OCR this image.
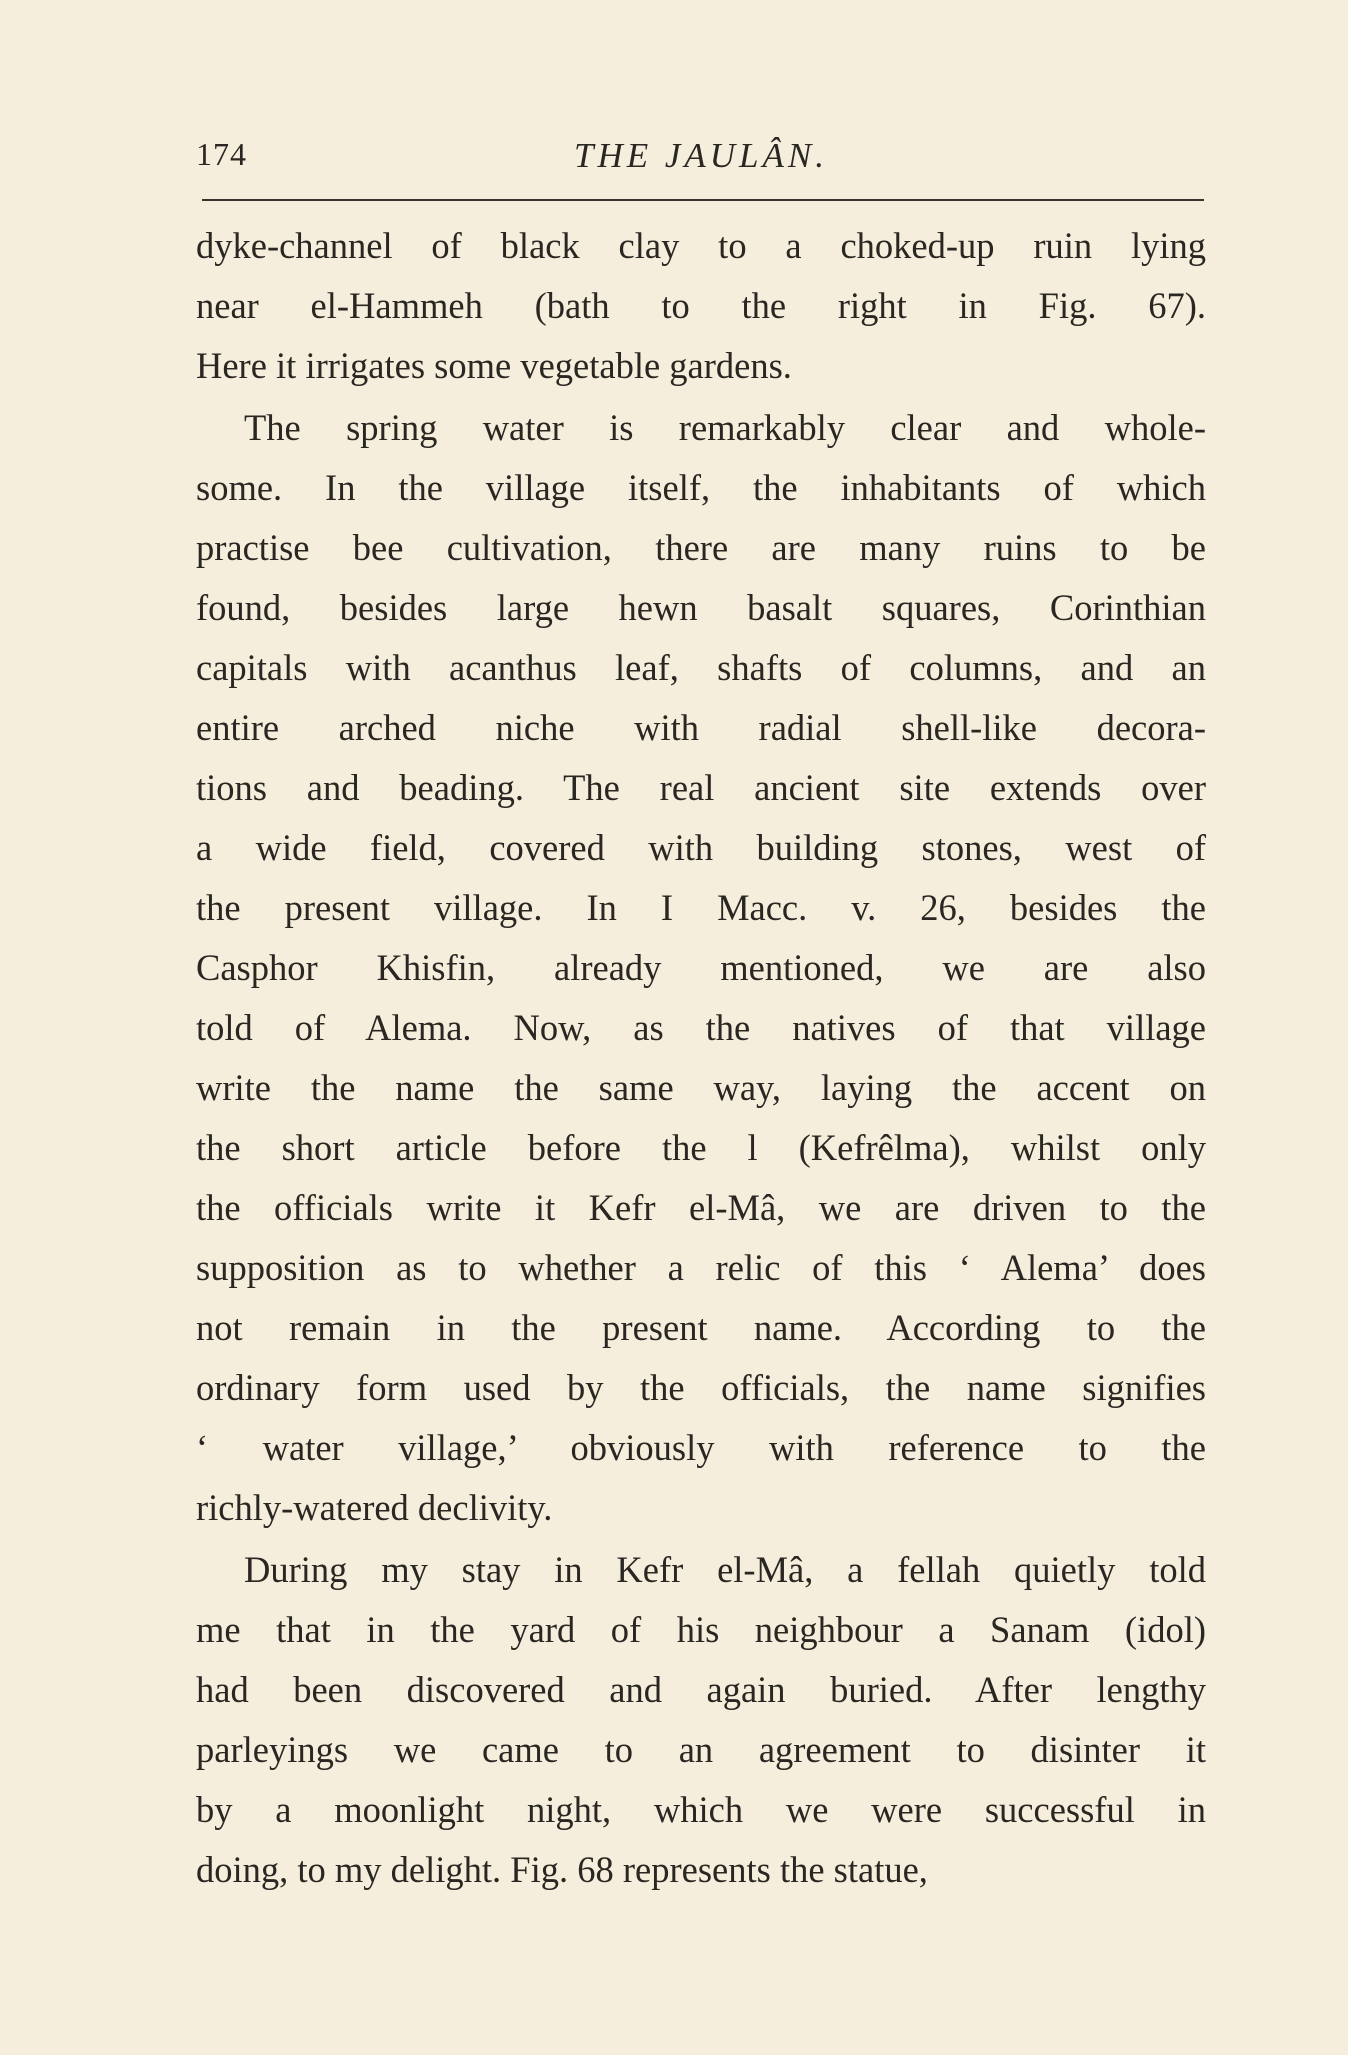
174	THE JAULÂN.
dyke-channel of black clay to a choked-up ruin lying
near el-Hammeh (bath to the right in Fig. 67).
Here it irrigates some vegetable gardens.
The spring water is remarkably clear and whole-
some. In the village itself, the inhabitants of which
practise bee cultivation, there are many ruins to be
found, besides large hewn basalt squares, Corinthian
capitals with acanthus leaf, shafts of columns, and an
entire arched niche with radial shell-like decora-
tions and beading. The real ancient site extends over
a wide field, covered with building stones, west of
the present village. In I Macc. v. 26, besides the
Casphor Khisfin, already mentioned, we are also
told of Alema. Now, as the natives of that village
write the name the same way, laying the accent on
the short article before the l (Kefrêlma), whilst only
the officials write it Kefr el-Mâ, we are driven to the
supposition as to whether a relic of this ‘ Alema’ does
not remain in the present name. According to the
ordinary form used by the officials, the name signifies
‘ water village,’ obviously with reference to the
richly-watered declivity.
During my stay in Kefr el-Mâ, a fellah quietly told
me that in the yard of his neighbour a Sanam (idol)
had been discovered and again buried. After lengthy
parleyings we came to an agreement to disinter it
by a moonlight night, which we were successful in
doing, to my delight. Fig. 68 represents the statue,
